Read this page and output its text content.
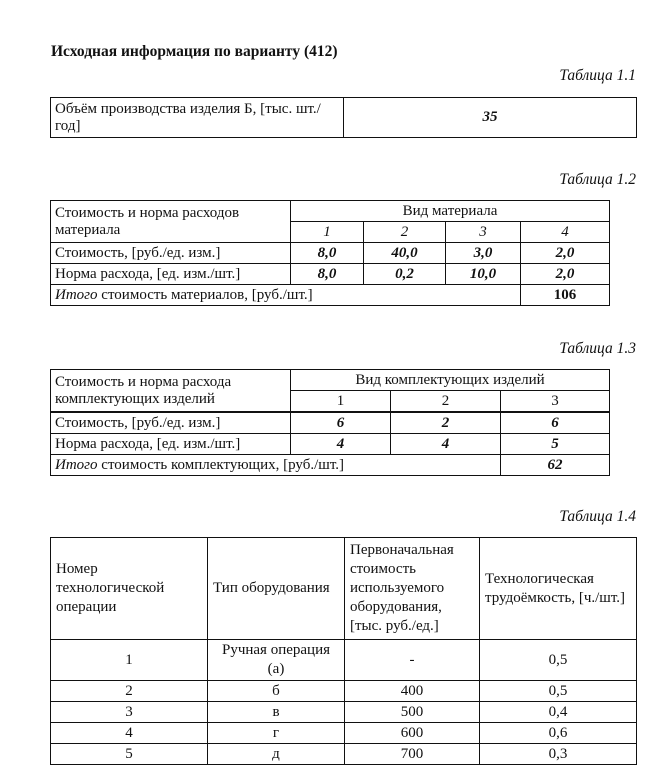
Исходная информация по варианту (412)
Таблица 1.1
Объём производства изделия Б, [тыс. шт./год]	35
Таблица 1.2
Стоимость и норма расходов материала	Вид материала			
	1	2	3	4
Стоимость, [руб./ед. изм.]	8,0	40,0	3,0	2,0
Норма расхода, [ед. изм./шт.]	8,0	0,2	10,0	2,0
Итого стоимость материалов, [руб./шт.]				106
Таблица 1.3
Стоимость и норма расхода комплектующих изделий	Вид комплектующих изделий		
	1	2	3
Стоимость, [руб./ед. изм.]	6	2	6
Норма расхода, [ед. изм./шт.]	4	4	5
Итого стоимость комплектующих, [руб./шт.]			62
Таблица 1.4
Номер технологической операции	Тип оборудования	Первоначальная стоимость используемого оборудования, [тыс. руб./ед.]	Технологическая трудоёмкость, [ч./шт.]
1	Ручная операция (а)	-	0,5
2	б	400	0,5
3	в	500	0,4
4	г	600	0,6
5	д	700	0,3
